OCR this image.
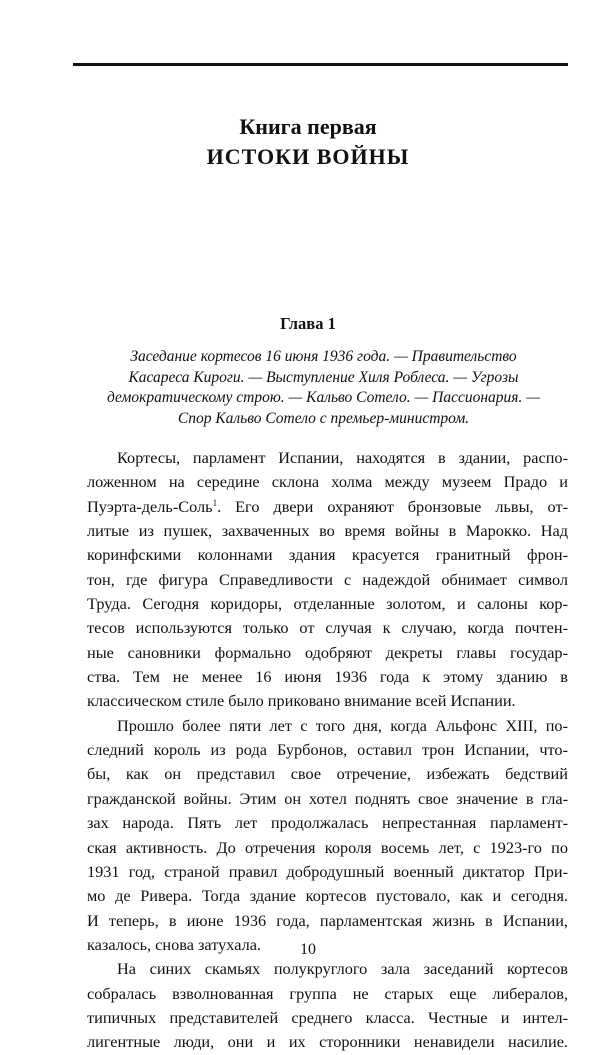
Книга первая
ИСТОКИ ВОЙНЫ
Глава 1
Заседание кортесов 16 июня 1936 года. — Правительство
Касареса Кироги. — Выступление Хиля Роблеса. — Угрозы
демократическому строю. — Кальво Сотело. — Пассионария. —
Спор Кальво Сотело с премьер-министром.
Кортесы, парламент Испании, находятся в здании, распо-
ложенном на середине склона холма между музеем Прадо и
Пуэрта-дель-Соль$^1$. Его двери охраняют бронзовые львы, от-
литые из пушек, захваченных во время войны в Марокко. Над
коринфскими колоннами здания красуется гранитный фрон-
тон, где фигура Справедливости с надеждой обнимает символ
Труда. Сегодня коридоры, отделанные золотом, и салоны кор-
тесов используются только от случая к случаю, когда почтен-
ные сановники формально одобряют декреты главы государ-
ства. Тем не менее 16 июня 1936 года к этому зданию в
классическом стиле было приковано внимание всей Испании.
Прошло более пяти лет с того дня, когда Альфонс XIII, по-
следний король из рода Бурбонов, оставил трон Испании, что-
бы, как он представил свое отречение, избежать бедствий
гражданской войны. Этим он хотел поднять свое значение в гла-
зах народа. Пять лет продолжалась непрестанная парламент-
ская активность. До отречения короля восемь лет, с 1923-го по
1931 год, страной правил добродушный военный диктатор При-
мо де Ривера. Тогда здание кортесов пустовало, как и сегодня.
И теперь, в июне 1936 года, парламентская жизнь в Испании,
казалось, снова затухала.
На синих скамьях полукруглого зала заседаний кортесов
собралась взволнованная группа не старых еще либералов,
типичных представителей среднего класса. Честные и интел-
лигентные люди, они и их сторонники ненавидели насилие.
10
